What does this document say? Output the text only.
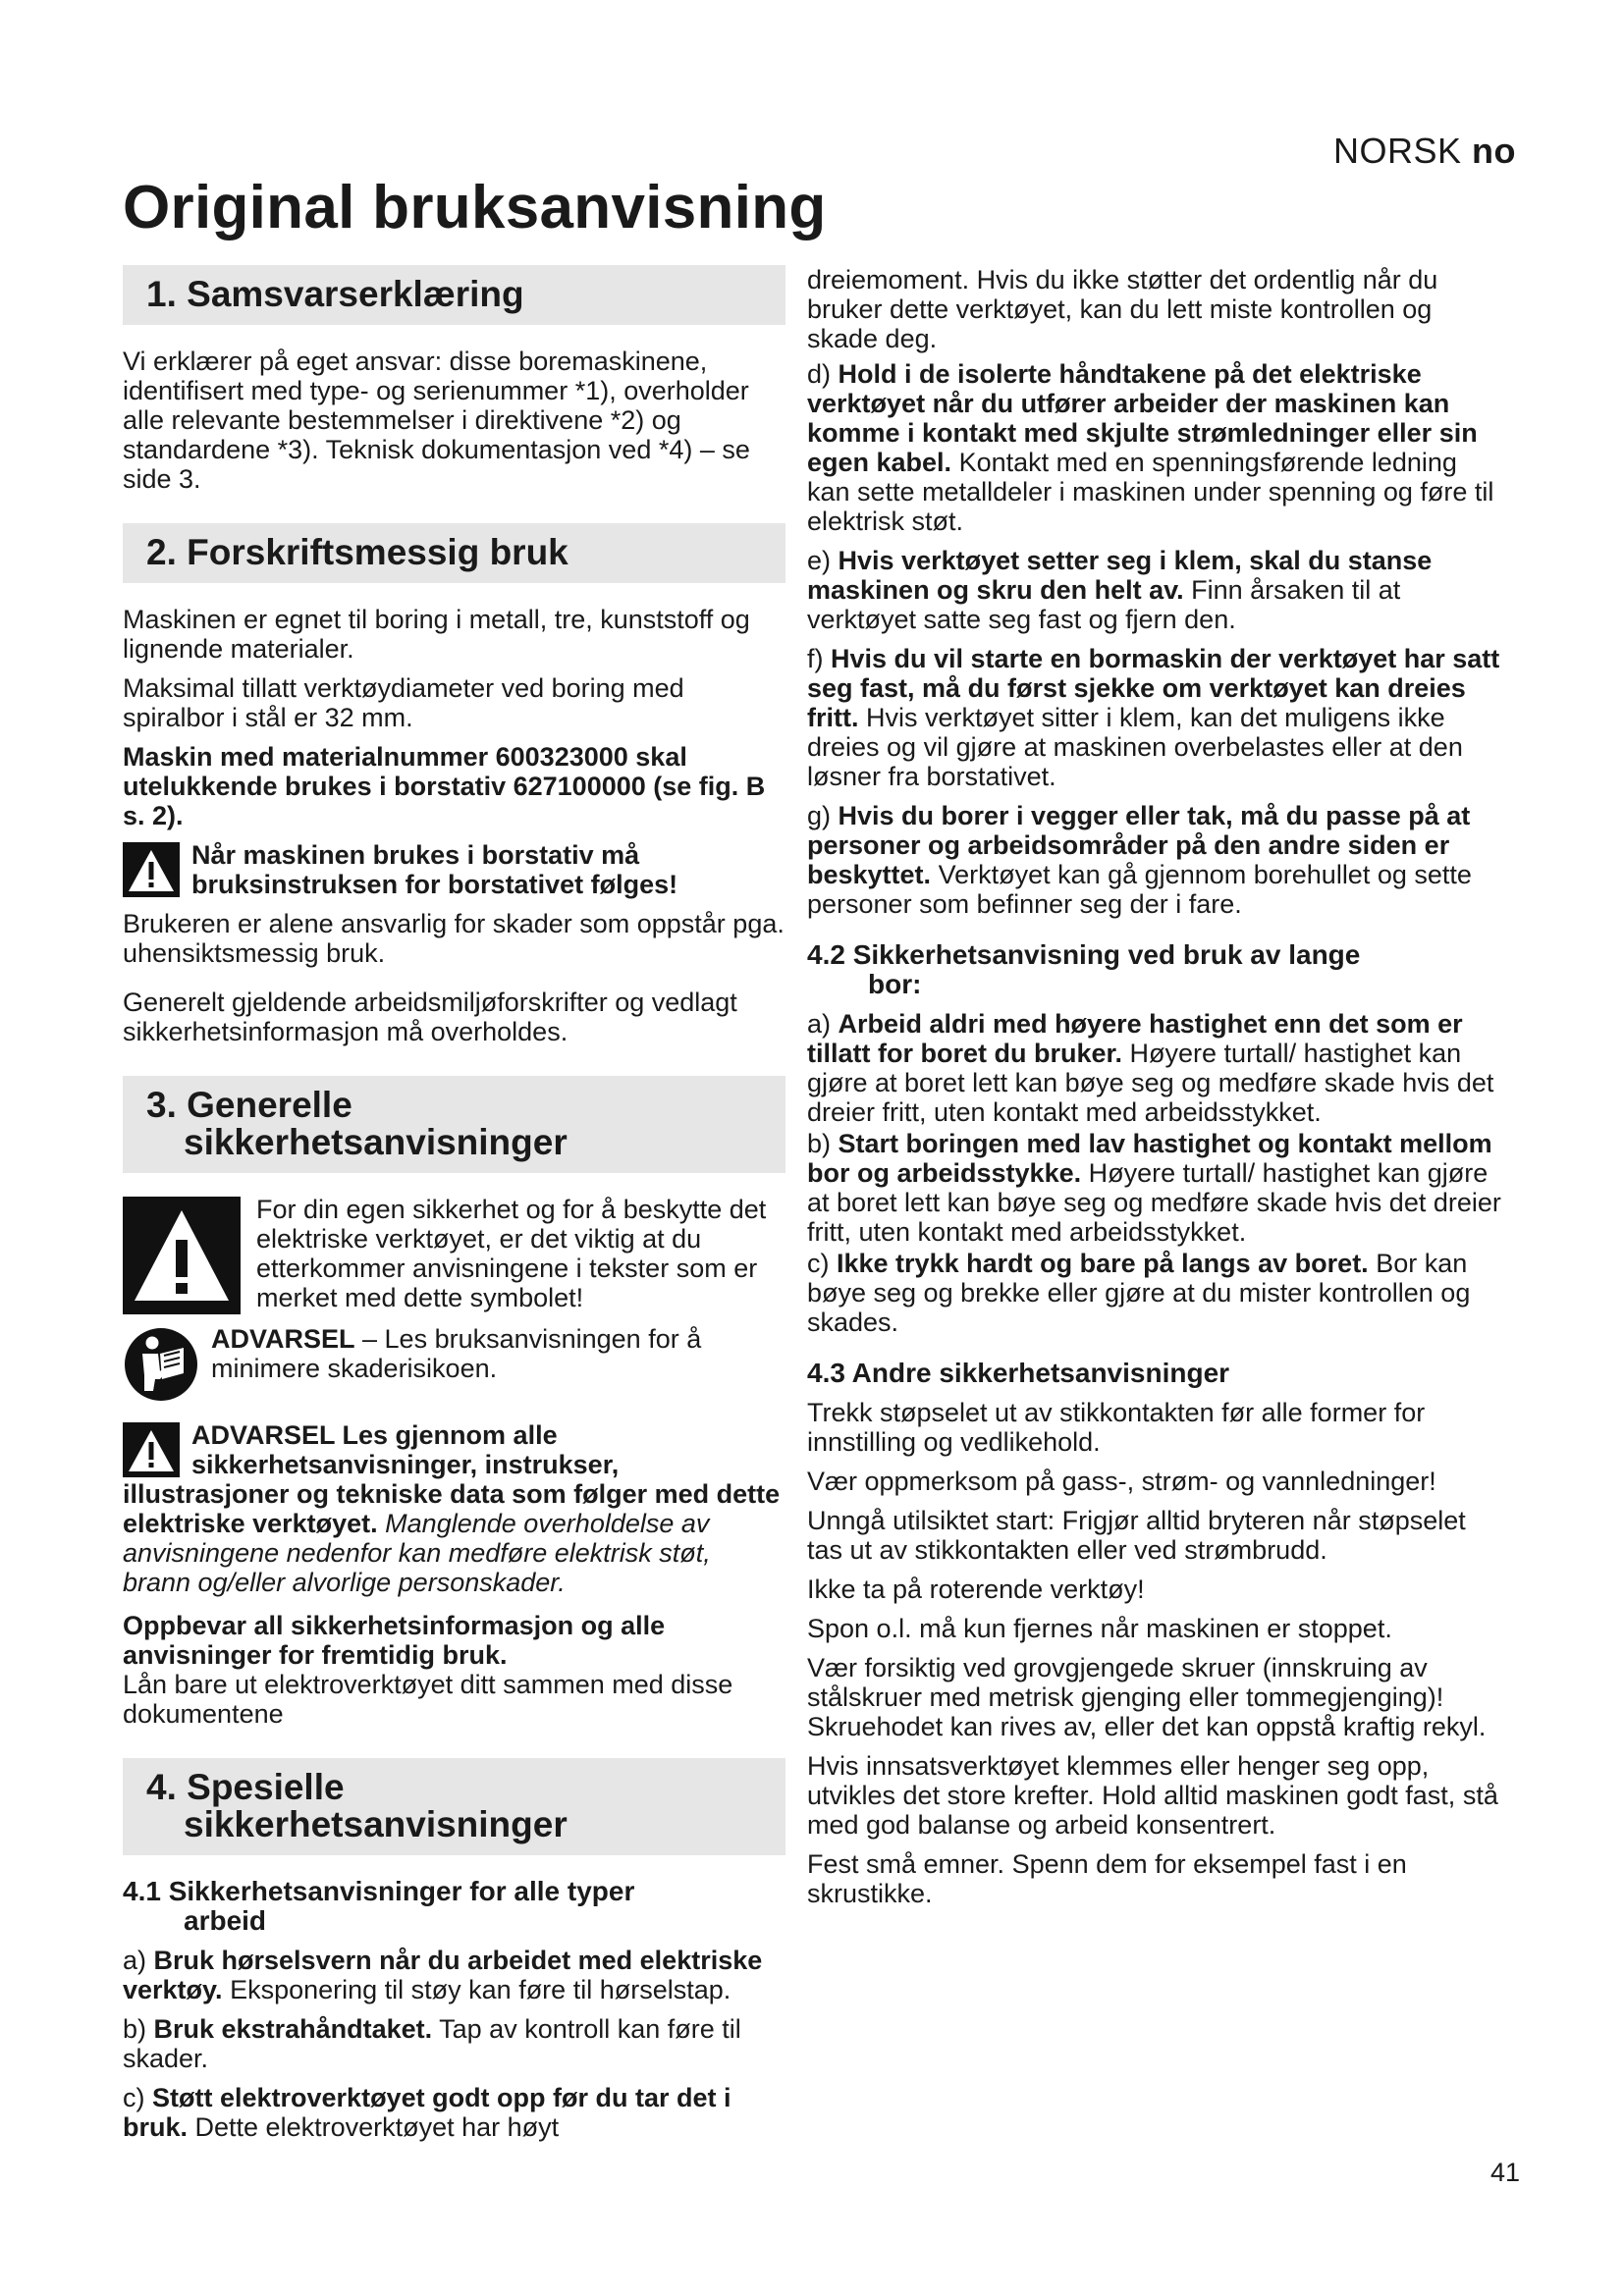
NORSK no
Original bruksanvisning
1. Samsvarserklæring

Vi erklærer på eget ansvar: disse boremaskinene, identifisert med type- og serienummer *1), overholder alle relevante bestemmelser i direktivene *2) og standardene *3). Teknisk dokumentasjon ved *4) – se side 3.

2. Forskriftsmessig bruk

Maskinen er egnet til boring i metall, tre, kunststoff og lignende materialer.

Maksimal tillatt verktøydiameter ved boring med spiralbor i stål er 32 mm.

Maskin med materialnummer 600323000 skal utelukkende brukes i borstativ 627100000 (se fig. B s. 2).

Når maskinen brukes i borstativ må bruksinstruksen for borstativet følges!

Brukeren er alene ansvarlig for skader som oppstår pga. uhensiktsmessig bruk.

Generelt gjeldende arbeidsmiljøforskrifter og vedlagt sikkerhetsinformasjon må overholdes.

3. Generelle
sikkerhetsanvisninger
For din egen sikkerhet og for å beskytte det elektriske verktøyet, er det viktig at du etterkommer anvisningene i tekster som er merket med dette symbolet!
ADVARSEL – Les bruksanvisningen for å minimere skaderisikoen.
ADVARSEL Les gjennom alle sikkerhetsanvisninger, instrukser, illustrasjoner og tekniske data som følger med dette elektriske verktøyet. Manglende overholdelse av anvisningene nedenfor kan medføre elektrisk støt, brann og/eller alvorlige personskader.

Oppbevar all sikkerhetsinformasjon og alle anvisninger for fremtidig bruk.

Lån bare ut elektroverktøyet ditt sammen med disse dokumentene

4. Spesielle
sikkerhetsanvisninger
4.1 Sikkerhetsanvisninger for alle typer
arbeid

a) Bruk hørselsvern når du arbeidet med elektriske verktøy. Eksponering til støy kan føre til hørselstap.

b) Bruk ekstrahåndtaket. Tap av kontroll kan føre til skader.

c) Støtt elektroverktøyet godt opp før du tar det i bruk. Dette elektroverktøyet har høyt

dreiemoment. Hvis du ikke støtter det ordentlig når du bruker dette verktøyet, kan du lett miste kontrollen og skade deg.

d) Hold i de isolerte håndtakene på det elektriske verktøyet når du utfører arbeider der maskinen kan komme i kontakt med skjulte strømledninger eller sin egen kabel. Kontakt med en spenningsførende ledning kan sette metalldeler i maskinen under spenning og føre til elektrisk støt.

e) Hvis verktøyet setter seg i klem, skal du stanse maskinen og skru den helt av. Finn årsaken til at verktøyet satte seg fast og fjern den.

f) Hvis du vil starte en bormaskin der verktøyet har satt seg fast, må du først sjekke om verktøyet kan dreies fritt. Hvis verktøyet sitter i klem, kan det muligens ikke dreies og vil gjøre at maskinen overbelastes eller at den løsner fra borstativet.

g) Hvis du borer i vegger eller tak, må du passe på at personer og arbeidsområder på den andre siden er beskyttet. Verktøyet kan gå gjennom borehullet og sette personer som befinner seg der i fare.

4.2 Sikkerhetsanvisning ved bruk av lange
bor:

a) Arbeid aldri med høyere hastighet enn det som er tillatt for boret du bruker. Høyere turtall/ hastighet kan gjøre at boret lett kan bøye seg og medføre skade hvis det dreier fritt, uten kontakt med arbeidsstykket.

b) Start boringen med lav hastighet og kontakt mellom bor og arbeidsstykke. Høyere turtall/ hastighet kan gjøre at boret lett kan bøye seg og medføre skade hvis det dreier fritt, uten kontakt med arbeidsstykket.

c) Ikke trykk hardt og bare på langs av boret. Bor kan bøye seg og brekke eller gjøre at du mister kontrollen og skades.

4.3 Andre sikkerhetsanvisninger

Trekk støpselet ut av stikkontakten før alle former for innstilling og vedlikehold.

Vær oppmerksom på gass-, strøm- og vannledninger!

Unngå utilsiktet start: Frigjør alltid bryteren når støpselet tas ut av stikkontakten eller ved strømbrudd.

Ikke ta på roterende verktøy!

Spon o.l. må kun fjernes når maskinen er stoppet.

Vær forsiktig ved grovgjengede skruer (innskruing av stålskruer med metrisk gjenging eller tommegjenging)! Skruehodet kan rives av, eller det kan oppstå kraftig rekyl.

Hvis innsatsverktøyet klemmes eller henger seg opp, utvikles det store krefter. Hold alltid maskinen godt fast, stå med god balanse og arbeid konsentrert.

Fest små emner. Spenn dem for eksempel fast i en skrustikke.

41
